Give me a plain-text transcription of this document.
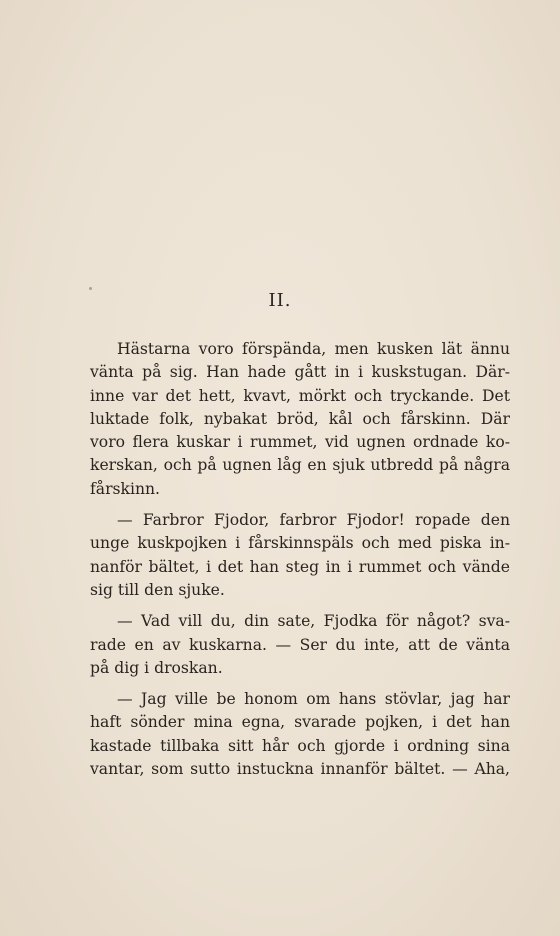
II.
Hästarna voro förspända, men kusken lät ännu
vänta på sig. Han hade gått in i kuskstugan. Där-
inne var det hett, kvavt, mörkt och tryckande. Det
luktade folk, nybakat bröd, kål och fårskinn. Där
voro flera kuskar i rummet, vid ugnen ordnade ko-
kerskan, och på ugnen låg en sjuk utbredd på några
fårskinn.
— Farbror Fjodor, farbror Fjodor! ropade den
unge kuskpojken i fårskinnspäls och med piska in-
nanför bältet, i det han steg in i rummet och vände
sig till den sjuke.
— Vad vill du, din sate, Fjodka för något? sva-
rade en av kuskarna. — Ser du inte, att de vänta
på dig i droskan.
— Jag ville be honom om hans stövlar, jag har
haft sönder mina egna, svarade pojken, i det han
kastade tillbaka sitt hår och gjorde i ordning sina
vantar, som sutto instuckna innanför bältet. — Aha,
